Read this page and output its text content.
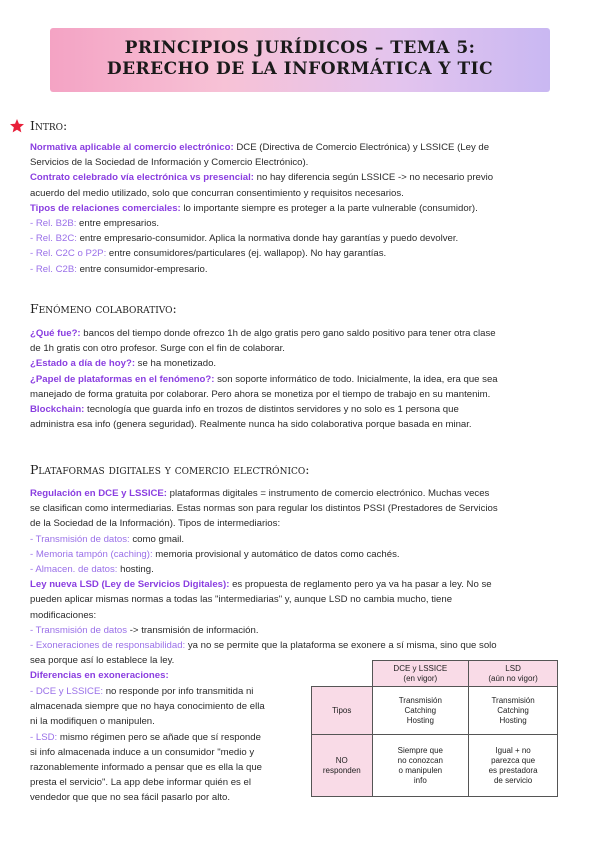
PRINCIPIOS JURÍDICOS – TEMA 5:
DERECHO DE LA INFORMÁTICA Y TIC
Intro:
Normativa aplicable al comercio electrónico: DCE (Directiva de Comercio Electrónica) y LSSICE (Ley de
Servicios de la Sociedad de Información y Comercio Electrónico).
Contrato celebrado vía electrónica vs presencial: no hay diferencia según LSSICE -> no necesario previo
acuerdo del medio utilizado, solo que concurran consentimiento y requisitos necesarios.
Tipos de relaciones comerciales: lo importante siempre es proteger a la parte vulnerable (consumidor).
- Rel. B2B: entre empresarios.
- Rel. B2C: entre empresario-consumidor. Aplica la normativa donde hay garantías y puedo devolver.
- Rel. C2C o P2P: entre consumidores/particulares (ej. wallapop). No hay garantías.
- Rel. C2B: entre consumidor-empresario.
Fenómeno colaborativo:
¿Qué fue?: bancos del tiempo donde ofrezco 1h de algo gratis pero gano saldo positivo para tener otra clase
de 1h gratis con otro profesor. Surge con el fin de colaborar.
¿Estado a día de hoy?: se ha monetizado.
¿Papel de plataformas en el fenómeno?: son soporte informático de todo. Inicialmente, la idea, era que sea
manejado de forma gratuita por colaborar. Pero ahora se monetiza por el tiempo de trabajo en su mantenim.
Blockchain: tecnología que guarda info en trozos de distintos servidores y no solo es 1 persona que
administra esa info (genera seguridad). Realmente nunca ha sido colaborativa porque basada en minar.
Plataformas digitales y comercio electrónico:
Regulación en DCE y LSSICE: plataformas digitales = instrumento de comercio electrónico. Muchas veces
se clasifican como intermediarias. Estas normas son para regular los distintos PSSI (Prestadores de Servicios
de la Sociedad de la Información). Tipos de intermediarios:
- Transmisión de datos: como gmail.
- Memoria tampón (caching): memoria provisional y automático de datos como cachés.
- Almacen. de datos: hosting.
Ley nueva LSD (Ley de Servicios Digitales): es propuesta de reglamento pero ya va ha pasar a ley. No se
pueden aplicar mismas normas a todas las "intermediarias" y, aunque LSD no cambia mucho, tiene
modificaciones:
- Transmisión de datos -> transmisión de información.
- Exoneraciones de responsabilidad: ya no se permite que la plataforma se exonere a sí misma, sino que solo
sea porque así lo establece la ley.
Diferencias en exoneraciones:
- DCE y LSSICE: no responde por info transmitida ni
almacenada siempre que no haya conocimiento de ella
ni la modifiquen o manipulen.
- LSD: mismo régimen pero se añade que sí responde
si info almacenada induce a un consumidor "medio y
razonablemente informado a pensar que es ella la que
presta el servicio". La app debe informar quién es el
vendedor que que no sea fácil pasarlo por alto.

	DCE y LSSICE
(en vigor)	LSD
(aún no vigor)

Tipos	Transmisión
Catching
Hosting	Transmisión
Catching
Hosting

NO
responden	Siempre que
no conozcan
o manipulen
info	Igual + no
parezca que
es prestadora
de servicio
